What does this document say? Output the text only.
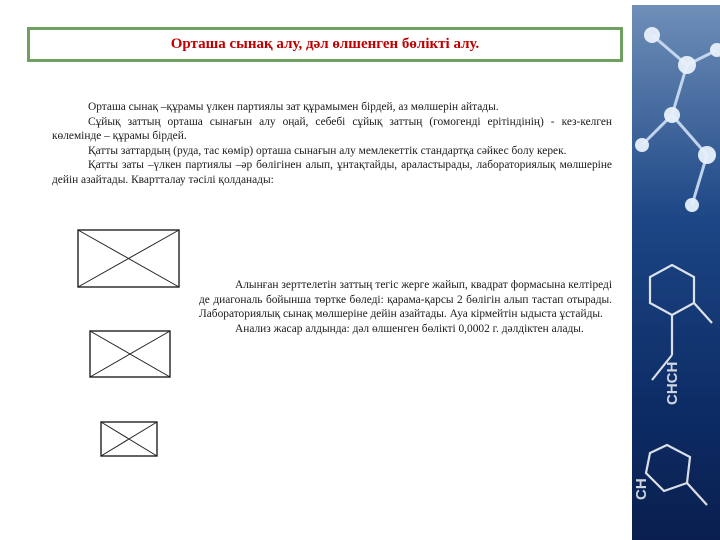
Орташа сынақ алу, дәл өлшенген бөлікті алу.
Орташа сынақ –құрамы үлкен партиялы зат құрамымен бірдей, аз мөлшерін айтады.
Сұйық заттың орташа сынағын алу оңай, себебі сұйық заттың (гомогенді ерітіндінің) - кез-келген көлемінде – құрамы бірдей.
Қатты заттардың (руда, тас көмір) орташа сынағын алу мемлекеттік стандартқа сәйкес болу керек.
Қатты заты –үлкен партиялы –әр бөлігінен алып, ұнтақтайды, араластырады, лабораториялық мөлшеріне дейін азайтады. Квартталау тәсілі қолданады:
Алынған зерттелетін заттың тегіс жерге жайып, квадрат формасына келтіреді де диагональ бойынша төртке бөледі: қарама-қарсы 2 бөлігін алып тастап отырады. Лабораториялық сынақ мөлшеріне дейін азайтады. Ауа кірмейтін ыдыста ұстайды.
Анализ жасар алдында: дәл өлшенген бөлікті 0,0002 г. дәлдіктен алады.
CHCH
CH
